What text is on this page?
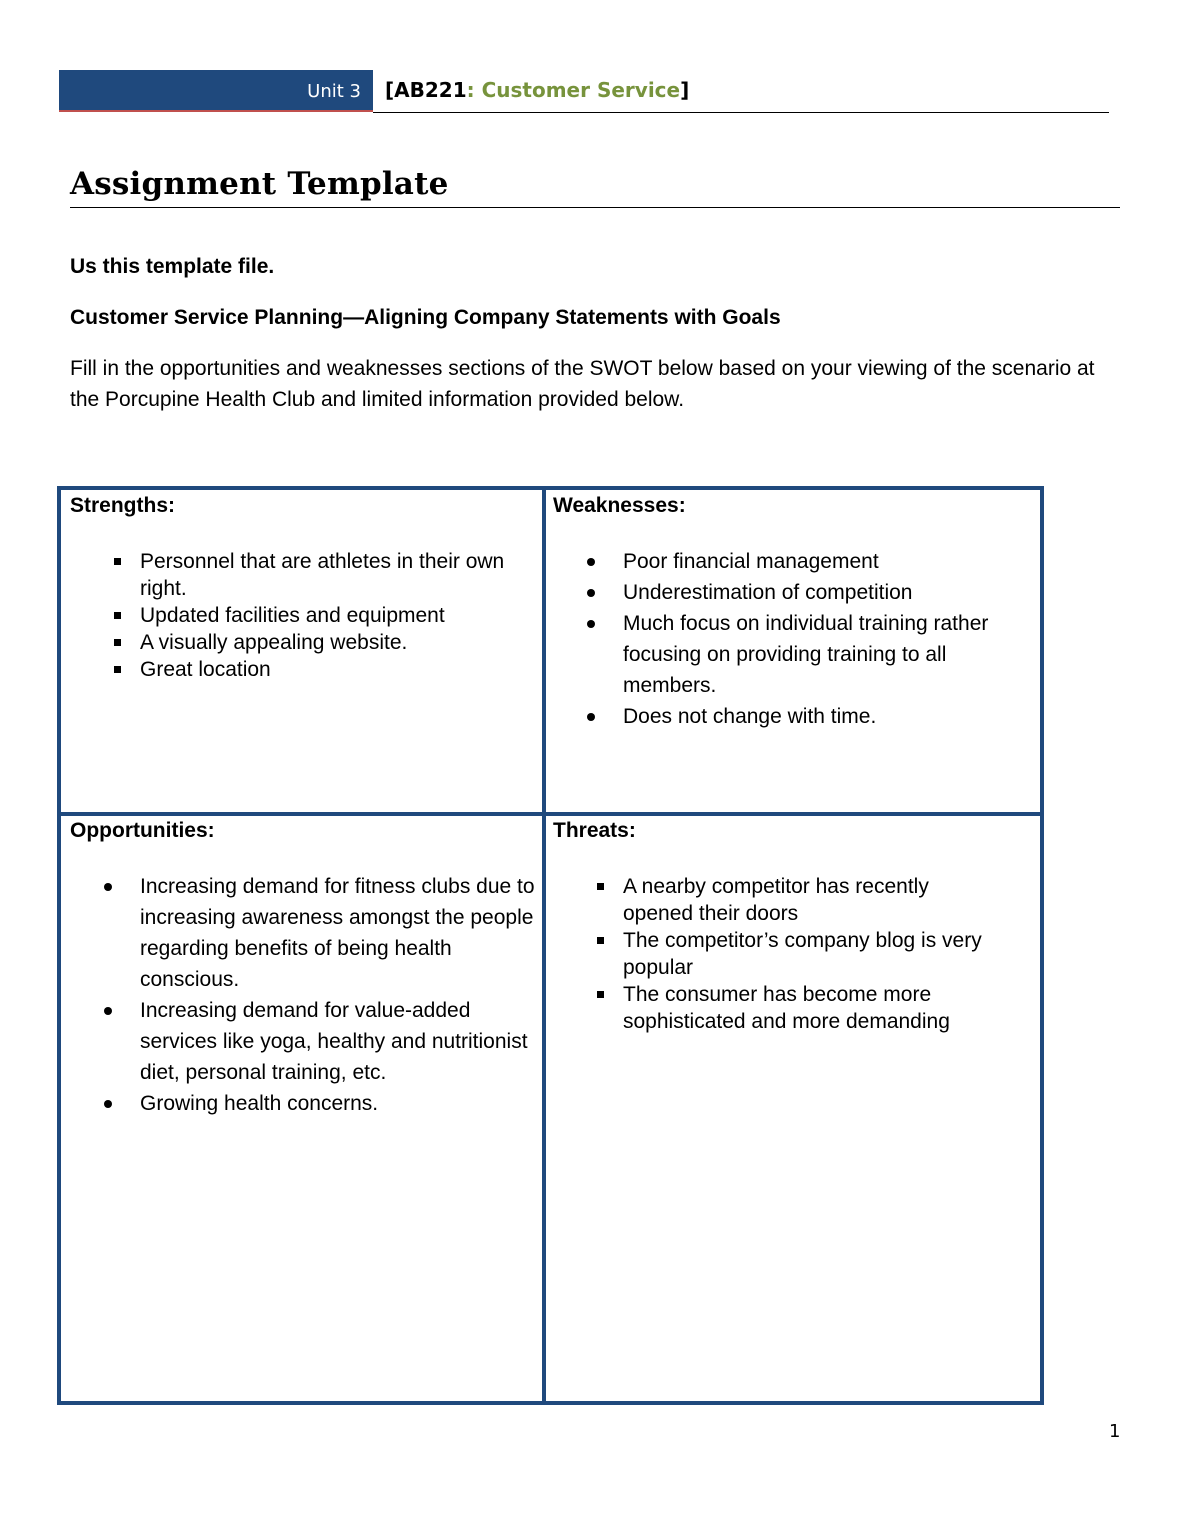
Unit 3 [AB221: Customer Service]
Assignment Template

Us this template file.

Customer Service Planning—Aligning Company Statements with Goals

Fill in the opportunities and weaknesses sections of the SWOT below based on your viewing of the scenario at the Porcupine Health Club and limited information provided below.

Strengths:
Personnel that are athletes in their own right.
Updated facilities and equipment
A visually appealing website.
Great location
Weaknesses:
Poor financial management
Underestimation of competition
Much focus on individual training rather focusing on providing training to all members.
Does not change with time.
Opportunities:
Increasing demand for fitness clubs due to increasing awareness amongst the people regarding benefits of being health conscious.
Increasing demand for value-added services like yoga, healthy and nutritionist diet, personal training, etc.
Growing health concerns.
Threats:
A nearby competitor has recently opened their doors
The competitor’s company blog is very popular
The consumer has become more sophisticated and more demanding
1
